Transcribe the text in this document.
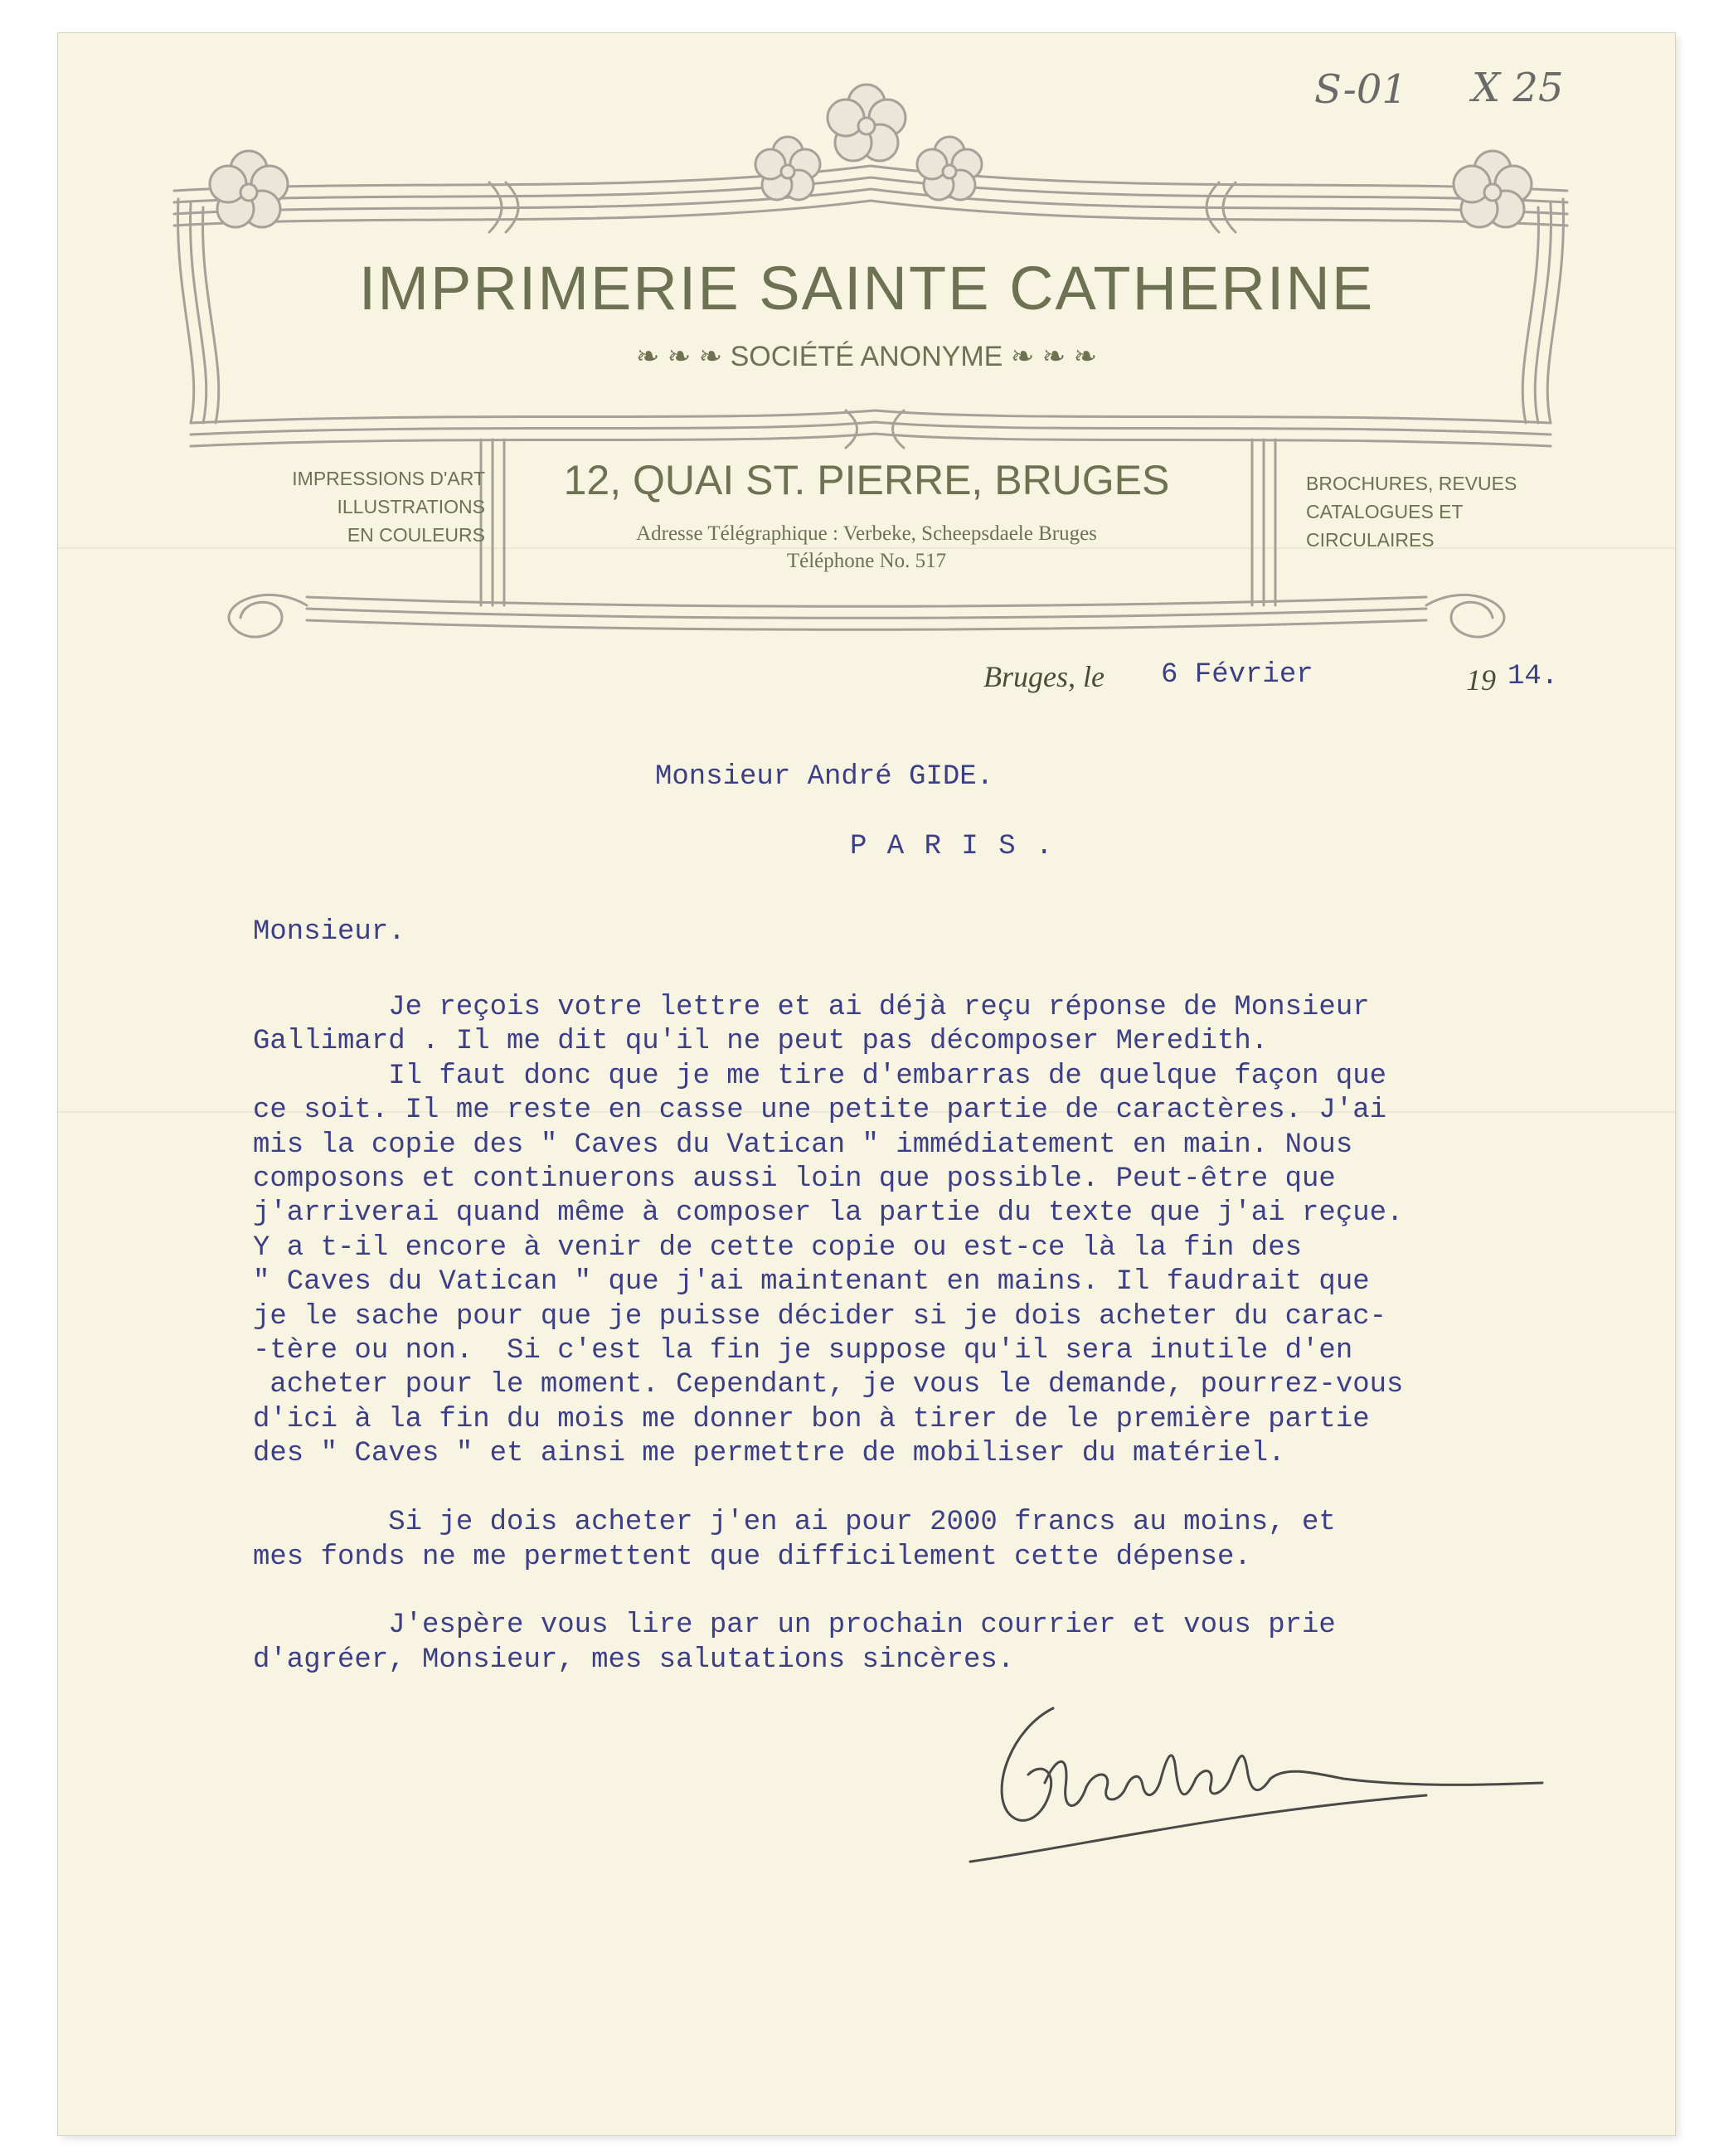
S-01 X 25
IMPRIMERIE SAINTE CATHERINE
❧ ❧ ❧ SOCIÉTÉ ANONYME ❧ ❧ ❧
12, QUAI ST. PIERRE, BRUGES
Adresse Télégraphique : Verbeke, Scheepsdaele Bruges
Téléphone No. 517
IMPRESSIONS D'ART
ILLUSTRATIONS
EN COULEURS
BROCHURES, REVUES
CATALOGUES ET
CIRCULAIRES
Bruges, le 6 Février	19 14.
Monsieur André GIDE.
P A R I S .
Monsieur.
Je reçois votre lettre et ai déjà reçu réponse de Monsieur
Gallimard . Il me dit qu'il ne peut pas décomposer Meredith.
Il faut donc que je me tire d'embarras de quelque façon que
ce soit. Il me reste en casse une petite partie de caractères. J'ai
mis la copie des " Caves du Vatican " immédiatement en main. Nous
composons et continuerons aussi loin que possible. Peut-être que
j'arriverai quand même à composer la partie du texte que j'ai reçue.
Y a t-il encore à venir de cette copie ou est-ce là la fin des
" Caves du Vatican " que j'ai maintenant en mains. Il faudrait que
je le sache pour que je puisse décider si je dois acheter du carac-
-tère ou non.  Si c'est la fin je suppose qu'il sera inutile d'en
acheter pour le moment. Cependant, je vous le demande, pourrez-vous
d'ici à la fin du mois me donner bon à tirer de le première partie
des " Caves " et ainsi me permettre de mobiliser du matériel.

Si je dois acheter j'en ai pour 2000 francs au moins, et
mes fonds ne me permettent que difficilement cette dépense.

J'espère vous lire par un prochain courrier et vous prie
d'agréer, Monsieur, mes salutations sincères.
